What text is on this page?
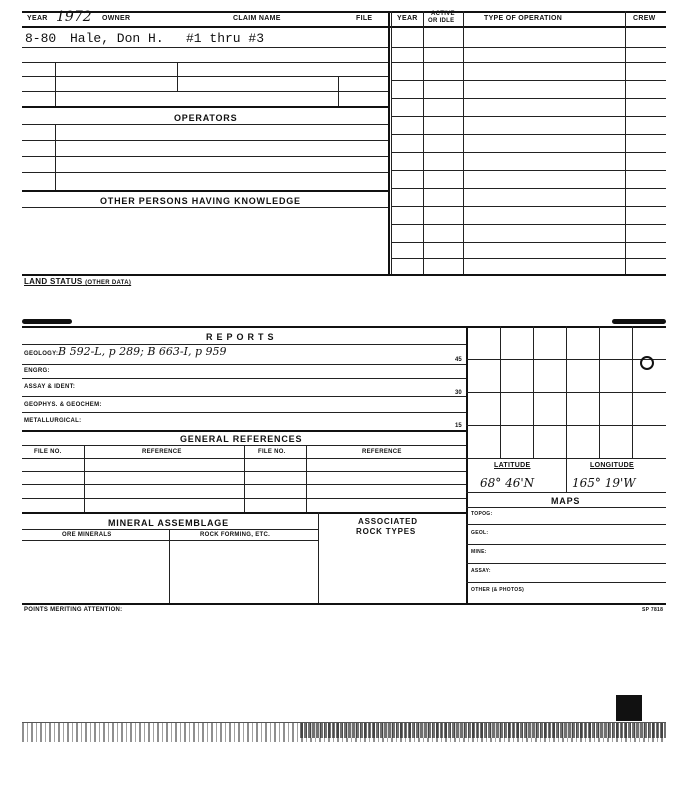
YEAR 1972 OWNER	CLAIM NAME	FILE	YEAR
ACTIVE
OR IDLE	TYPE OF OPERATION	CREW
8-80 Hale, Don H. #1 thru #3
OPERATORS
OTHER PERSONS HAVING KNOWLEDGE
LAND STATUS (OTHER DATA)
REPORTS
GEOLOGY: B 592-L, p 289; B 663-I, p 959
45
ENGRG:
ASSAY & IDENT:
30
GEOPHYS. & GEOCHEM:
METALLURGICAL:
15
GENERAL REFERENCES
FILE NO.	REFERENCE	FILE NO.	REFERENCE
MINERAL ASSEMBLAGE	ASSOCIATED
ROCK TYPES
ORE MINERALS	ROCK FORMING, ETC.
LATITUDE	LONGITUDE
68° 46'N	165° 19'W
MAPS
TOPOG:
GEOL:
MINE:
ASSAY:
OTHER (& PHOTOS)
POINTS MERITING ATTENTION:	SP 7818
